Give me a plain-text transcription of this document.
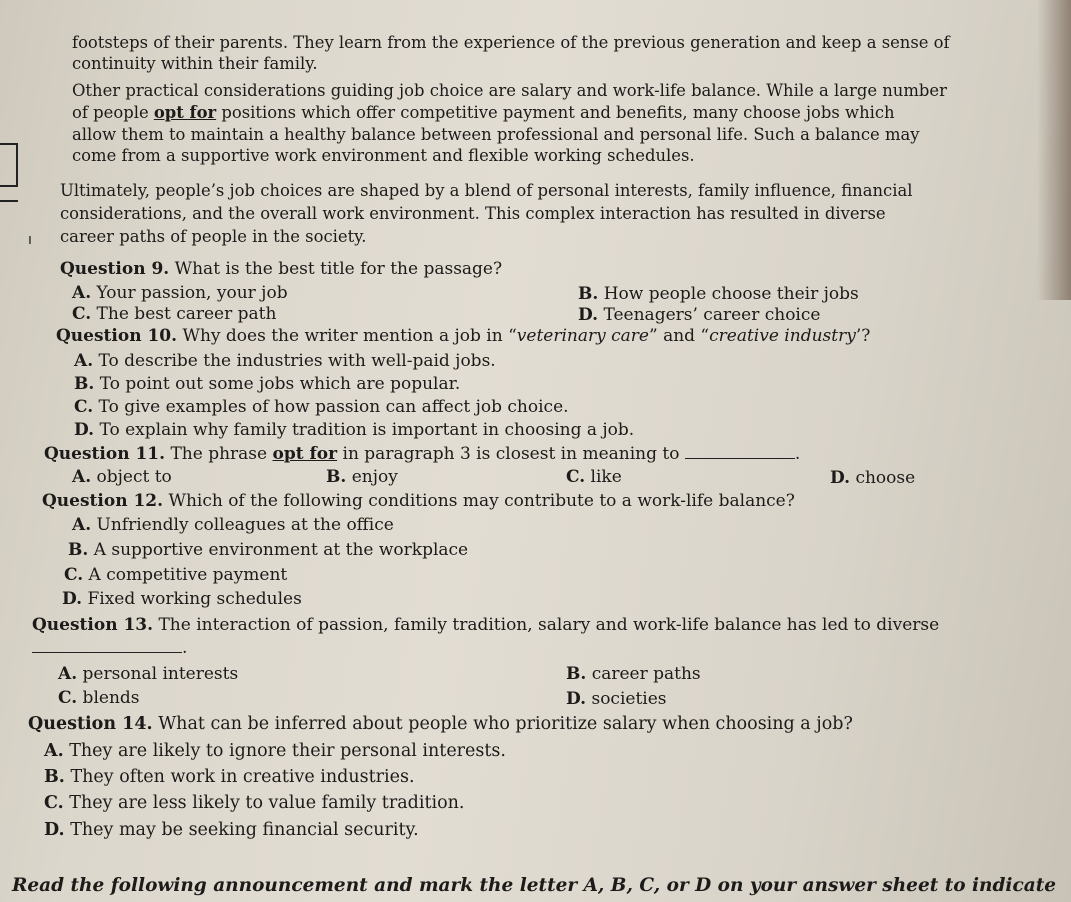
ı
footsteps of their parents. They learn from the experience of the previous generation and keep a sense of
continuity within their family.
Other practical considerations guiding job choice are salary and work-life balance. While a large number
of people opt for positions which offer competitive payment and benefits, many choose jobs which
allow them to maintain a healthy balance between professional and personal life. Such a balance may
come from a supportive work environment and flexible working schedules.
Ultimately, people’s job choices are shaped by a blend of personal interests, family influence, financial
considerations, and the overall work environment. This complex interaction has resulted in diverse
career paths of people in the society.
Question 9. What is the best title for the passage?
A. Your passion, your job	B. How people choose their jobs
C. The best career path	D. Teenagers’ career choice
Question 10. Why does the writer mention a job in “veterinary care” and “creative industry’?
A. To describe the industries with well-paid jobs.
B. To point out some jobs which are popular.
C. To give examples of how passion can affect job choice.
D. To explain why family tradition is important in choosing a job.
Question 11. The phrase opt for in paragraph 3 is closest in meaning to	.
A. object to	B. enjoy	C. like	D. choose
Question 12. Which of the following conditions may contribute to a work-life balance?
A. Unfriendly colleagues at the office
B. A supportive environment at the workplace
C. A competitive payment
D. Fixed working schedules
Question 13. The interaction of passion, family tradition, salary and work-life balance has led to diverse
.
A. personal interests	B. career paths
C. blends	D. societies
Question 14. What can be inferred about people who prioritize salary when choosing a job?
A. They are likely to ignore their personal interests.
B. They often work in creative industries.
C. They are less likely to value family tradition.
D. They may be seeking financial security.
Read the following announcement and mark the letter A, B, C, or D on your answer sheet to indicate
